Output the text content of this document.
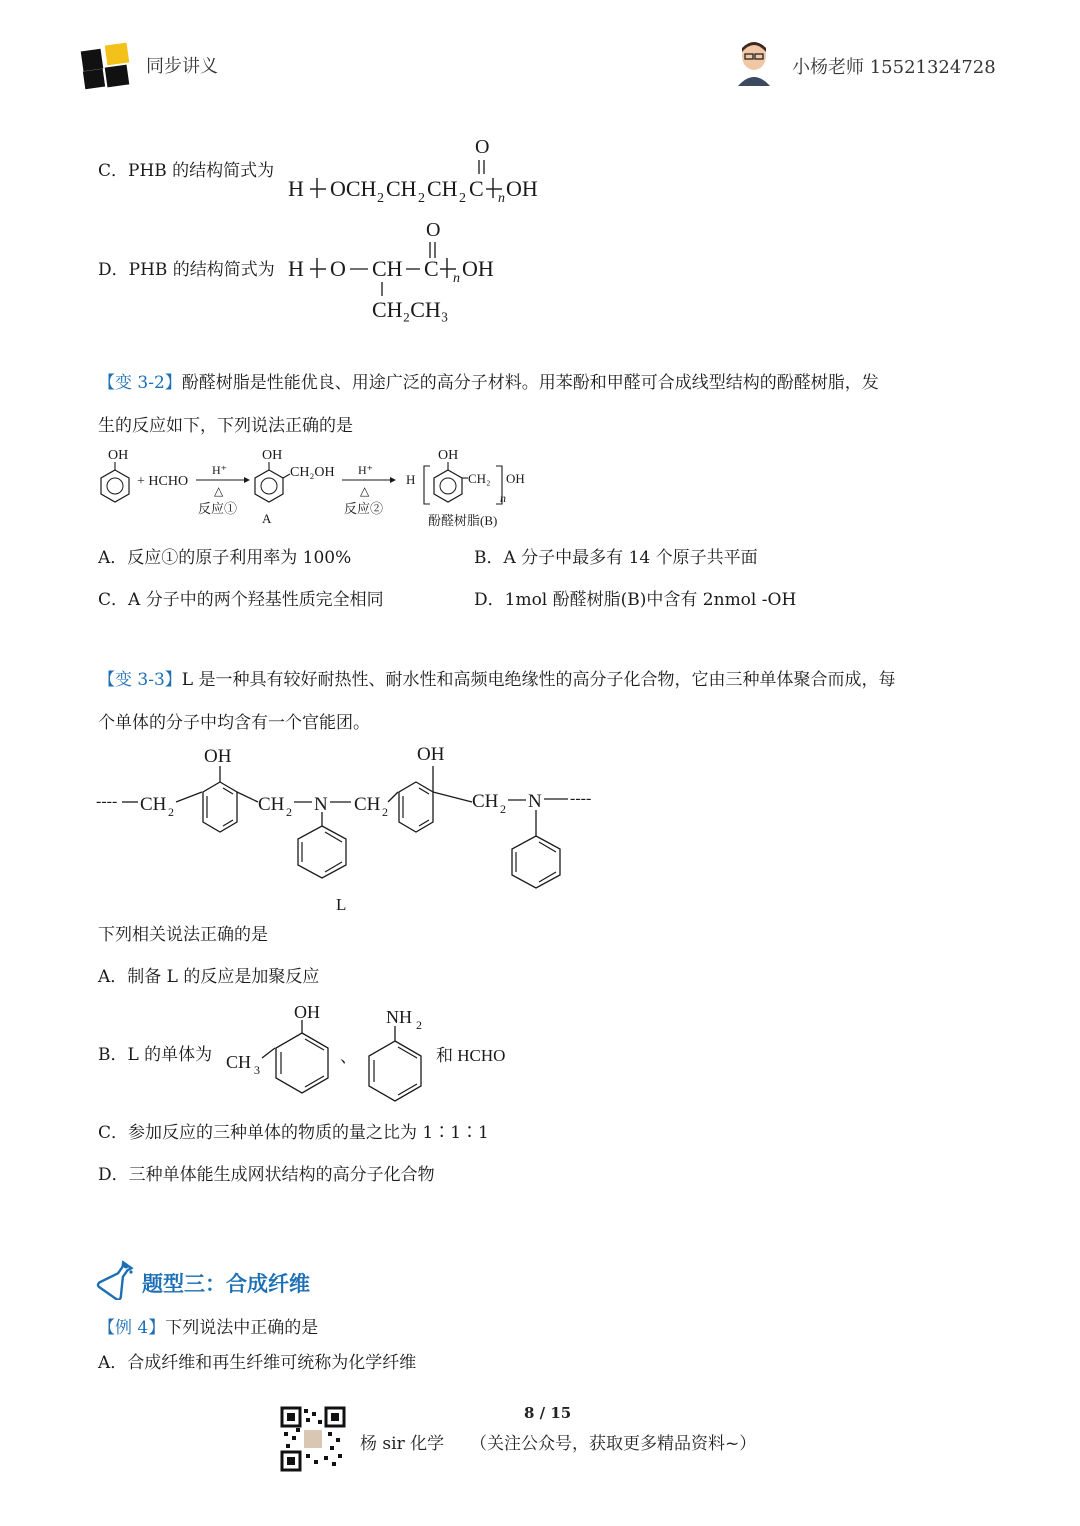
同步讲义	小杨老师 15521324728
C．PHB 的结构简式为
O
H OCH 2 CH 2 CH 2 C n OH
D．PHB 的结构简式为
O
H O CH C n OH
CH₂CH₃
【变 3-2】酚醛树脂是性能优良、用途广泛的高分子材料。用苯酚和甲醛可合成线型结构的酚醛树脂，发
生的反应如下，下列说法正确的是
OH
+ HCHO
H⁺
△
反应①
OH
CH₂OH
A
H⁺
△
反应②
H
OH
CH₂
n
OH
酚醛树脂(B)
A．反应①的原子利用率为 100%	B．A 分子中最多有 14 个原子共平面
C．A 分子中的两个羟基性质完全相同	D．1mol 酚醛树脂(B)中含有 2nmol -OH
【变 3-3】L 是一种具有较好耐热性、耐水性和高频电绝缘性的高分子化合物，它由三种单体聚合而成，每
个单体的分子中均含有一个官能团。
---- CH 2
OH
CH 2 N
L
CH 2
OH
CH 2 N ----
下列相关说法正确的是
A．制备 L 的反应是加聚反应
B．L 的单体为 CH 3
OH
、
NH 2
和 HCHO
C．参加反应的三种单体的物质的量之比为 1∶1∶1
D．三种单体能生成网状结构的高分子化合物
题型三：合成纤维
【例 4】下列说法中正确的是
A．合成纤维和再生纤维可统称为化学纤维
8 / 15
杨 sir 化学 （关注公众号，获取更多精品资料~）
